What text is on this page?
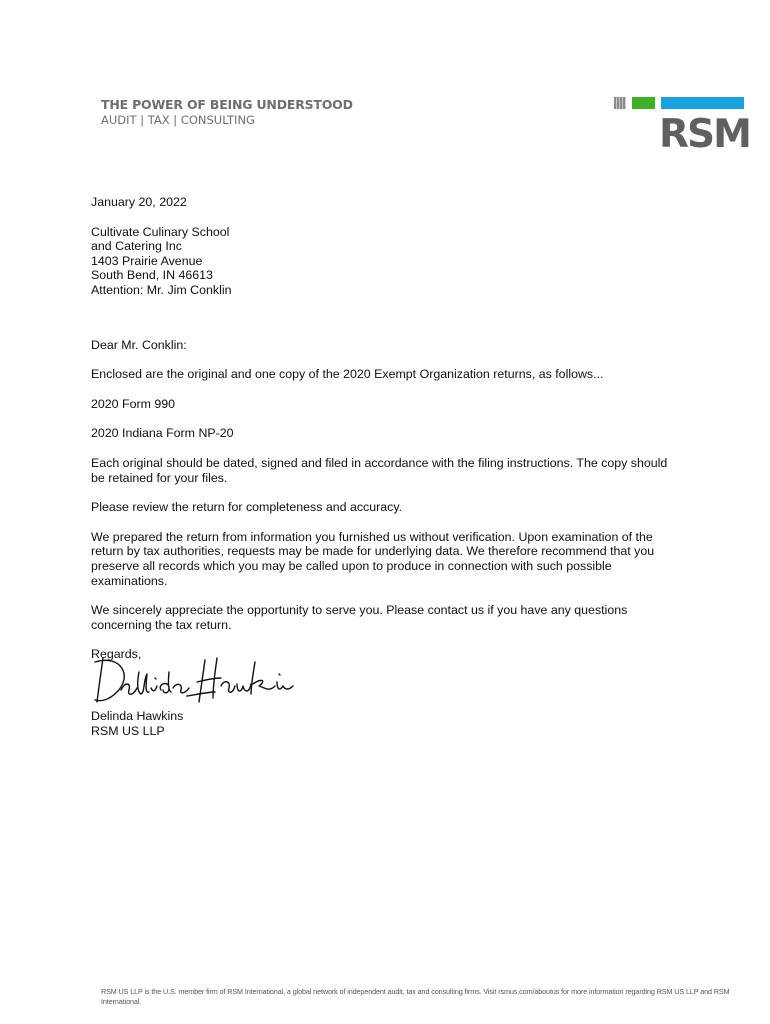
THE POWER OF BEING UNDERSTOOD
AUDIT | TAX | CONSULTING	RSM

January 20, 2022

Cultivate Culinary School

and Catering Inc

1403 Prairie Avenue

South Bend, IN 46613

Attention: Mr. Jim Conklin

Dear Mr. Conklin:

Enclosed are the original and one copy of the 2020 Exempt Organization returns, as follows...

2020 Form 990

2020 Indiana Form NP-20

Each original should be dated, signed and filed in accordance with the filing instructions. The copy should be retained for your files.

Please review the return for completeness and accuracy.

We prepared the return from information you furnished us without verification. Upon examination of the return by tax authorities, requests may be made for underlying data. We therefore recommend that you preserve all records which you may be called upon to produce in connection with such possible examinations.

We sincerely appreciate the opportunity to serve you. Please contact us if you have any questions concerning the tax return.

Regards,

Delinda Hawkins

RSM US LLP

RSM US LLP is the U.S. member firm of RSM International, a global network of independent audit, tax and consulting firms. Visit rsmus.com/aboutus for more information regarding RSM US LLP and RSM International.
